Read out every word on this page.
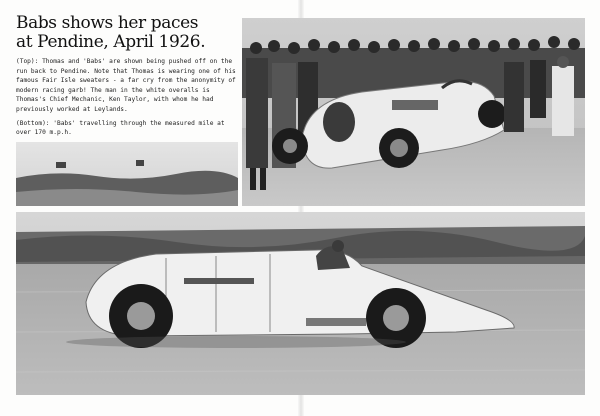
Babs shows her paces
at Pendine, April 1926.

(Top): Thomas and 'Babs' are shown being pushed off on the run back to Pendine. Note that Thomas is wearing one of his famous Fair Isle sweaters - a far cry from the anonymity of modern racing garb! The man in the white overalls is Thomas's Chief Mechanic, Ken Taylor, with whom he had previously worked at Leylands.

(Bottom): 'Babs' travelling through the measured mile at over 170 m.p.h.
